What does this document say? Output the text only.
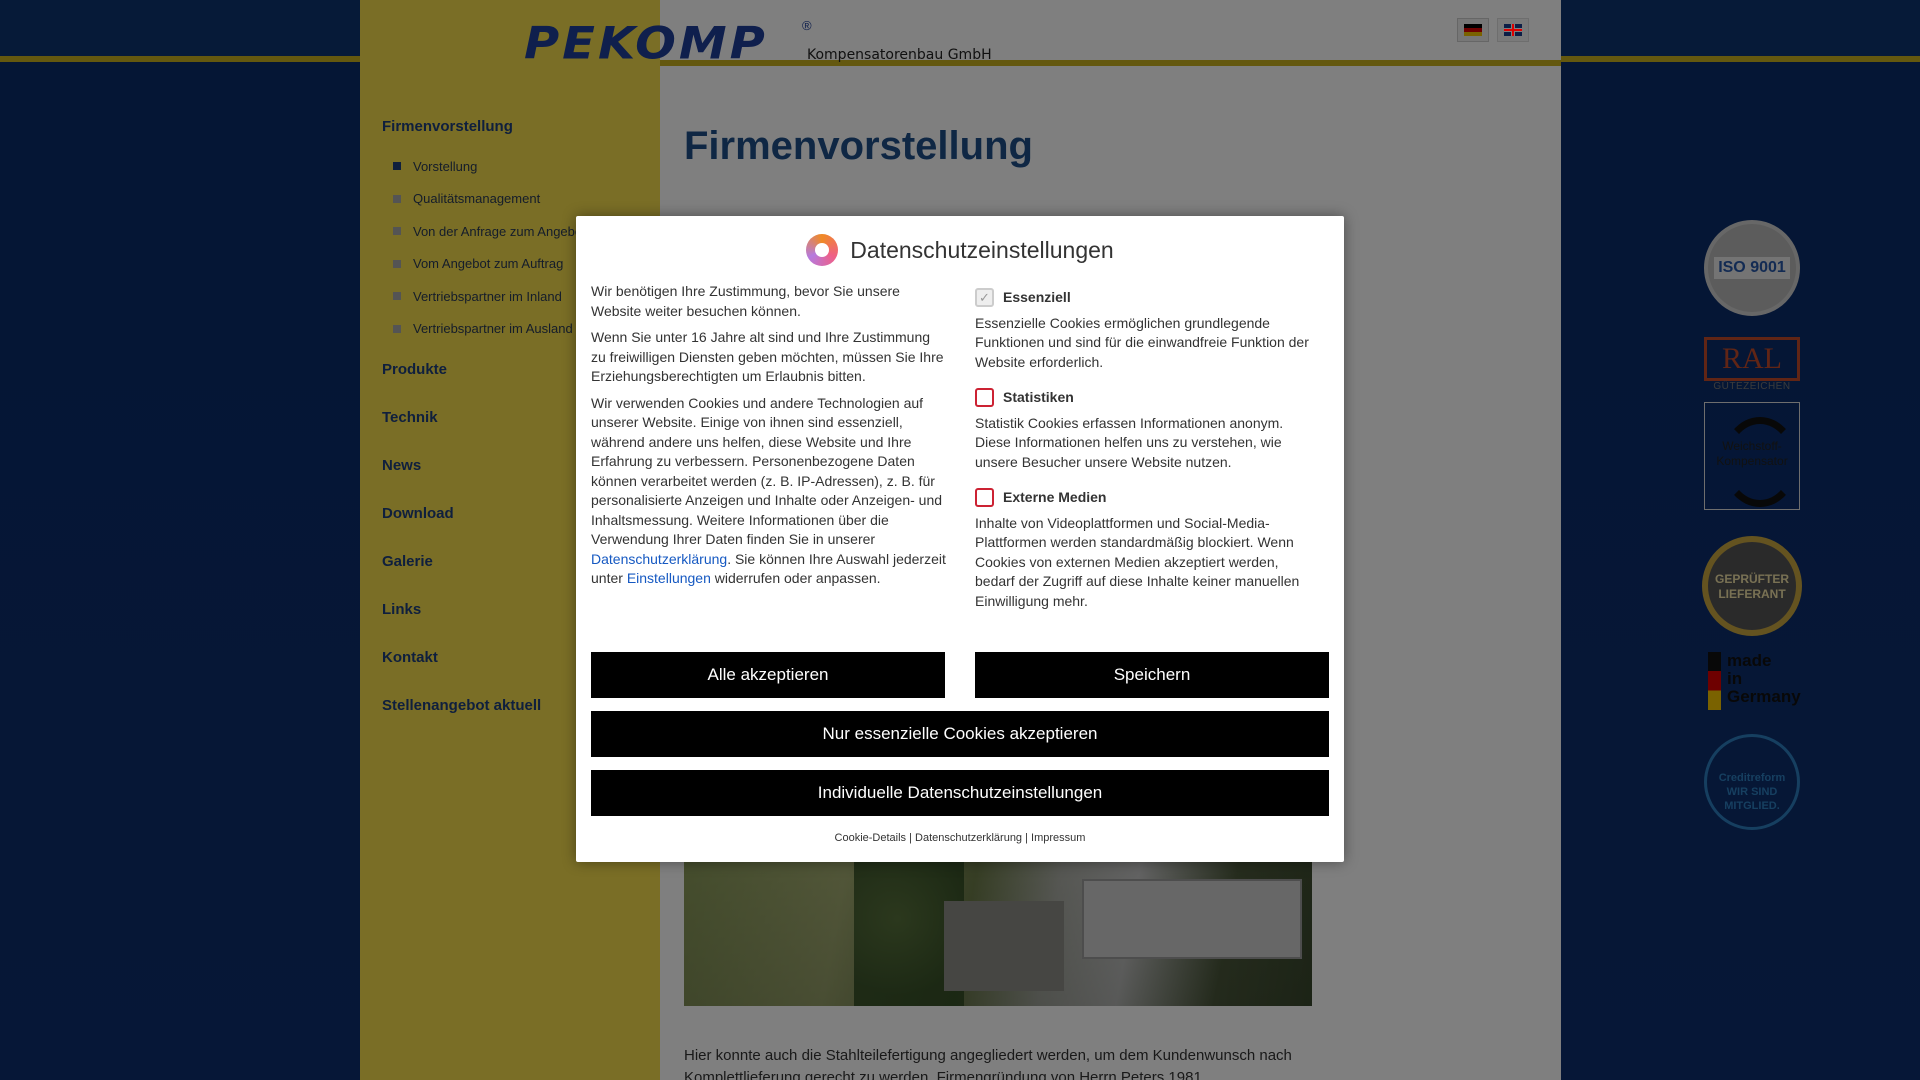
Datenschutzeinstellungen

Wir benötigen Ihre Zustimmung, bevor Sie unsere Website weiter besuchen können.

Wenn Sie unter 16 Jahre alt sind und Ihre Zustimmung zu freiwilligen Diensten geben möchten, müssen Sie Ihre Erziehungsberechtigten um Erlaubnis bitten.

Wir verwenden Cookies und andere Technologien auf unserer Website. Einige von ihnen sind essenziell, während andere uns helfen, diese Website und Ihre Erfahrung zu verbessern. Personenbezogene Daten können verarbeitet werden (z. B. IP-Adressen), z. B. für personalisierte Anzeigen und Inhalte oder Anzeigen- und Inhaltsmessung. Weitere Informationen über die Verwendung Ihrer Daten finden Sie in unserer Datenschutzerklärung. Sie können Ihre Auswahl jederzeit unter Einstellungen widerrufen oder anpassen.

✓
Essenziell
Essenzielle Cookies ermöglichen grundlegende Funktionen und sind für die einwandfreie Funktion der Website erforderlich.
Statistiken
Statistik Cookies erfassen Informationen anonym. Diese Informationen helfen uns zu verstehen, wie unsere Besucher unsere Website nutzen.
Externe Medien
Inhalte von Videoplattformen und Social-Media-Plattformen werden standardmäßig blockiert. Wenn Cookies von externen Medien akzeptiert werden, bedarf der Zugriff auf diese Inhalte keiner manuellen Einwilligung mehr.
Alle akzeptieren	Speichern
Nur essenzielle Cookies akzeptieren
Individuelle Datenschutzeinstellungen
Cookie-Details | Datenschutzerklärung | Impressum
